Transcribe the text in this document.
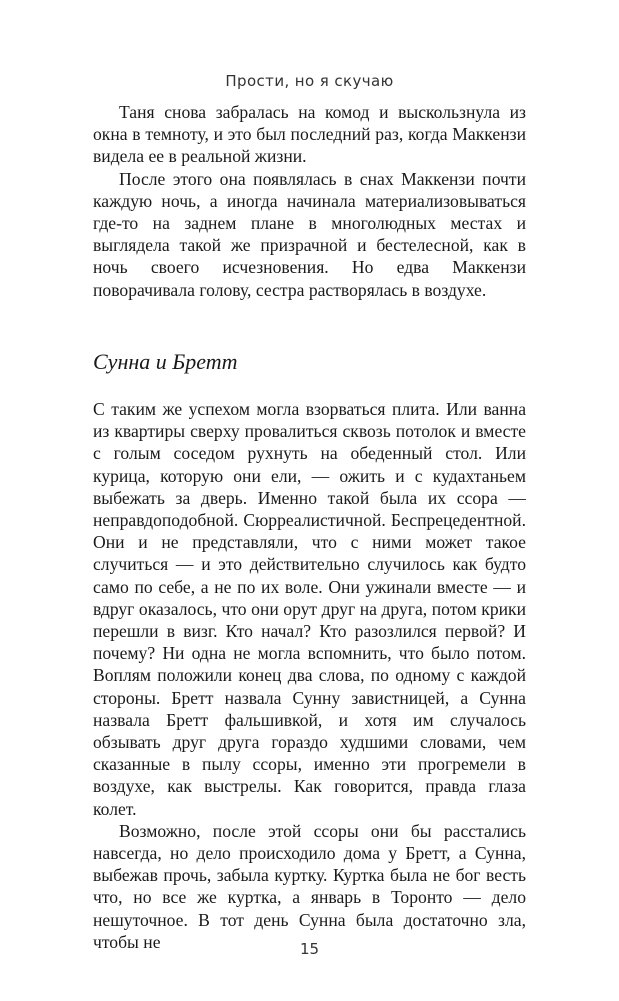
Прости, но я скучаю

Таня снова забралась на комод и выскользнула из окна в темноту, и это был последний раз, когда Маккензи видела ее в реальной жизни.

После этого она появлялась в снах Маккензи почти каждую ночь, а иногда начинала материализовываться где-то на заднем плане в многолюдных местах и выглядела такой же призрачной и бестелесной, как в ночь своего исчезновения. Но едва Маккензи поворачивала голову, сестра растворялась в воздухе.

Сунна и Бретт

С таким же успехом могла взорваться плита. Или ванна из квартиры сверху провалиться сквозь потолок и вместе с голым соседом рухнуть на обеденный стол. Или курица, которую они ели, — ожить и с кудахтаньем выбежать за дверь. Именно такой была их ссора — неправдоподобной. Сюрреалистичной. Беспрецедентной. Они и не представляли, что с ними может такое случиться — и это действительно случилось как будто само по себе, а не по их воле. Они ужинали вместе — и вдруг оказалось, что они орут друг на друга, потом крики перешли в визг. Кто начал? Кто разозлился первой? И почему? Ни одна не могла вспомнить, что было потом. Воплям положили конец два слова, по одному с каждой стороны. Бретт назвала Сунну завистницей, а Сунна назвала Бретт фальшивкой, и хотя им случалось обзывать друг друга гораздо худшими словами, чем сказанные в пылу ссоры, именно эти прогремели в воздухе, как выстрелы. Как говорится, правда глаза колет.

Возможно, после этой ссоры они бы расстались навсегда, но дело происходило дома у Бретт, а Сунна, выбежав прочь, забыла куртку. Куртка была не бог весть что, но все же куртка, а январь в Торонто — дело нешуточное. В тот день Сунна была достаточно зла, чтобы не	15
